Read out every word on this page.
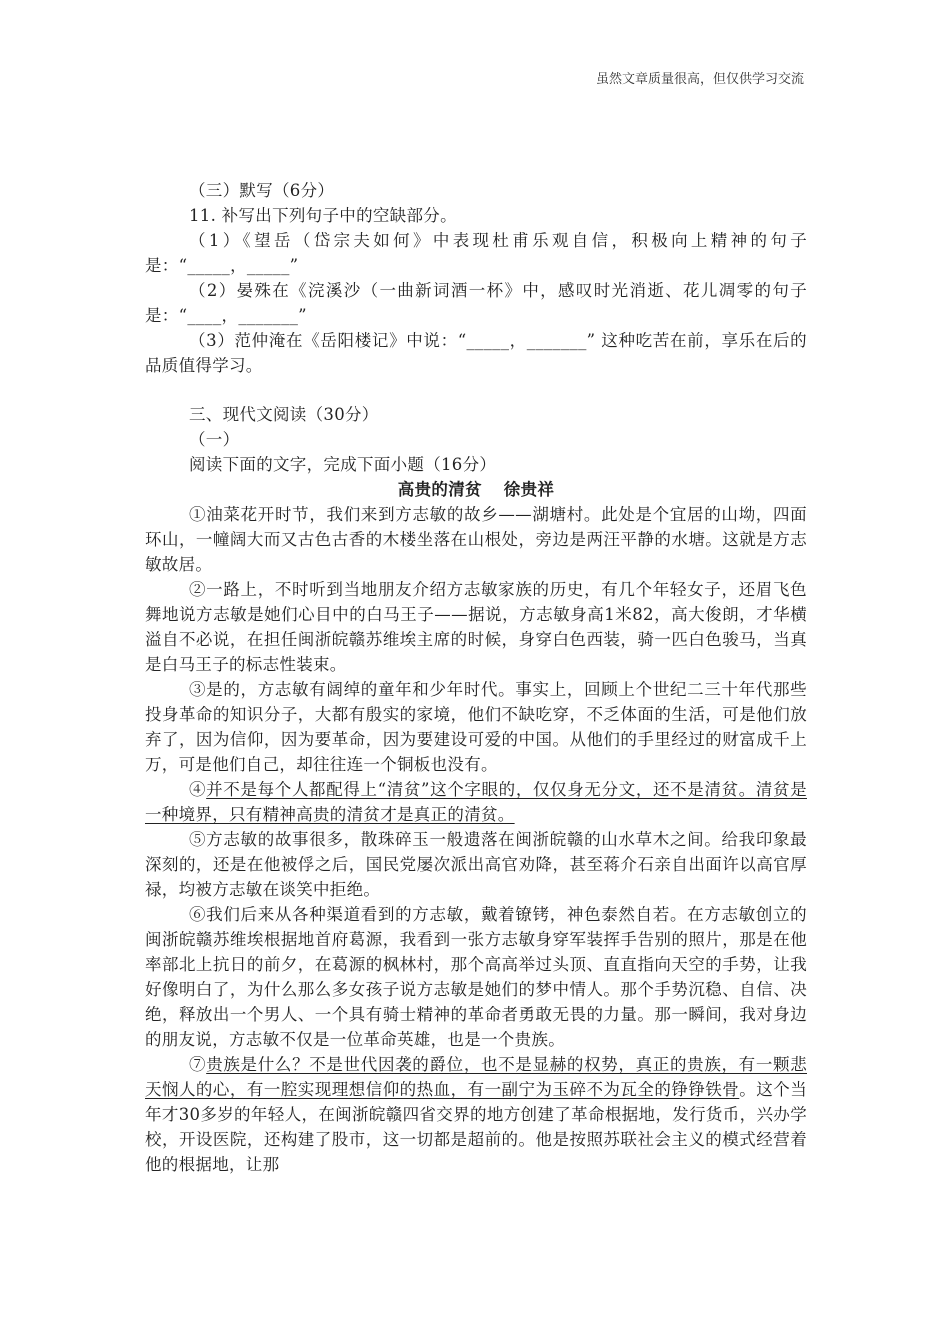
虽然文章质量很高，但仅供学习交流
（三）默写（6分）
11. 补写出下列句子中的空缺部分。
（1）《望岳（岱宗夫如何》中表现杜甫乐观自信，积极向上精神的句子是：“_____，_____”
（2）晏殊在《浣溪沙（一曲新词酒一杯》中，感叹时光消逝、花儿凋零的句子是：“____，_______”
（3）范仲淹在《岳阳楼记》中说：“_____，_______” 这种吃苦在前，享乐在后的品质值得学习。
三、现代文阅读（30分）
（一）
阅读下面的文字，完成下面小题（16分）
高贵的清贫 徐贵祥
①油菜花开时节，我们来到方志敏的故乡——湖塘村。此处是个宜居的山坳，四面环山，一幢阔大而又古色古香的木楼坐落在山根处，旁边是两汪平静的水塘。这就是方志敏故居。
②一路上，不时听到当地朋友介绍方志敏家族的历史，有几个年轻女子，还眉飞色舞地说方志敏是她们心目中的白马王子——据说，方志敏身高1米82，高大俊朗，才华横溢自不必说，在担任闽浙皖赣苏维埃主席的时候，身穿白色西装，骑一匹白色骏马，当真是白马王子的标志性装束。
③是的，方志敏有阔绰的童年和少年时代。事实上，回顾上个世纪二三十年代那些投身革命的知识分子，大都有殷实的家境，他们不缺吃穿，不乏体面的生活，可是他们放弃了，因为信仰，因为要革命，因为要建设可爱的中国。从他们的手里经过的财富成千上万，可是他们自己，却往往连一个铜板也没有。
④并不是每个人都配得上“清贫”这个字眼的，仅仅身无分文，还不是清贫。清贫是一种境界，只有精神高贵的清贫才是真正的清贫。
⑤方志敏的故事很多，散珠碎玉一般遗落在闽浙皖赣的山水草木之间。给我印象最深刻的，还是在他被俘之后，国民党屡次派出高官劝降，甚至蒋介石亲自出面许以高官厚禄，均被方志敏在谈笑中拒绝。
⑥我们后来从各种渠道看到的方志敏，戴着镣铐，神色泰然自若。在方志敏创立的闽浙皖赣苏维埃根据地首府葛源，我看到一张方志敏身穿军装挥手告别的照片，那是在他率部北上抗日的前夕，在葛源的枫林村，那个高高举过头顶、直直指向天空的手势，让我好像明白了，为什么那么多女孩子说方志敏是她们的梦中情人。那个手势沉稳、自信、决绝，释放出一个男人、一个具有骑士精神的革命者勇敢无畏的力量。那一瞬间，我对身边的朋友说，方志敏不仅是一位革命英雄，也是一个贵族。
⑦贵族是什么？不是世代因袭的爵位，也不是显赫的权势，真正的贵族，有一颗悲天悯人的心，有一腔实现理想信仰的热血，有一副宁为玉碎不为瓦全的铮铮铁骨。这个当年才30多岁的年轻人，在闽浙皖赣四省交界的地方创建了革命根据地，发行货币，兴办学校，开设医院，还构建了股市，这一切都是超前的。他是按照苏联社会主义的模式经营着他的根据地，让那
